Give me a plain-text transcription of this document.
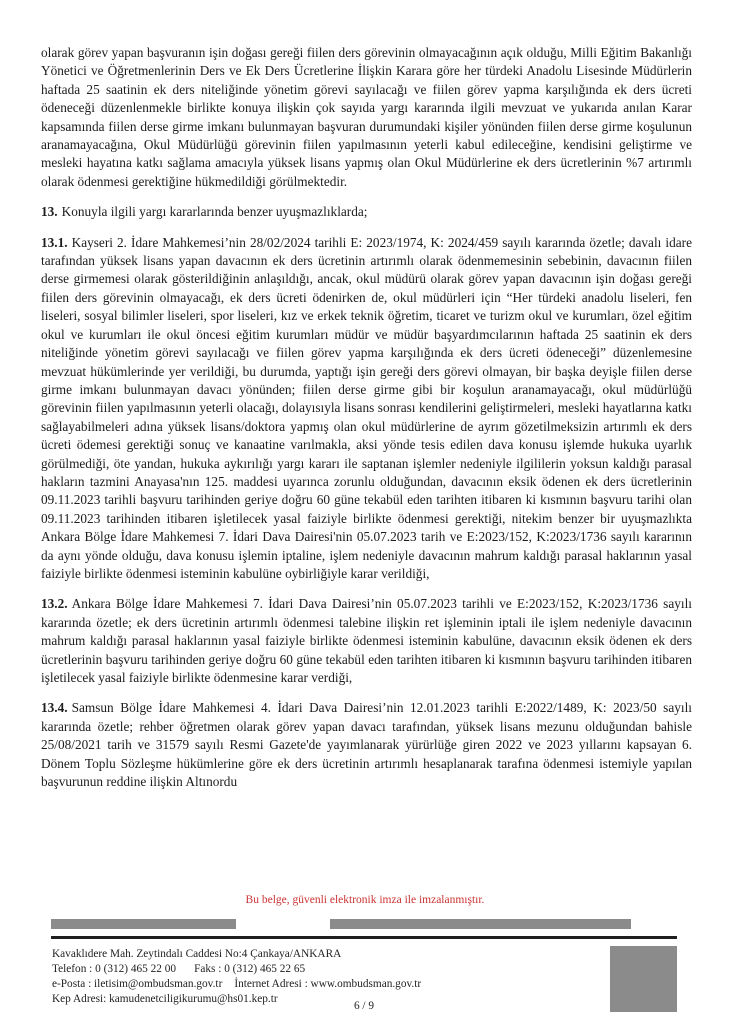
olarak görev yapan başvuranın işin doğası gereği fiilen ders görevinin olmayacağının açık olduğu, Milli Eğitim Bakanlığı Yönetici ve Öğretmenlerinin Ders ve Ek Ders Ücretlerine İlişkin Karara göre her türdeki Anadolu Lisesinde Müdürlerin haftada 25 saatinin ek ders niteliğinde yönetim görevi sayılacağı ve fiilen görev yapma karşılığında ek ders ücreti ödeneceği düzenlenmekle birlikte konuya ilişkin çok sayıda yargı kararında ilgili mevzuat ve yukarıda anılan Karar kapsamında fiilen derse girme imkanı bulunmayan başvuran durumundaki kişiler yönünden fiilen derse girme koşulunun aranamayacağına, Okul Müdürlüğü görevinin fiilen yapılmasının yeterli kabul edileceğine, kendisini geliştirme ve mesleki hayatına katkı sağlama amacıyla yüksek lisans yapmış olan Okul Müdürlerine ek ders ücretlerinin %7 artırımlı olarak ödenmesi gerektiğine hükmedildiği görülmektedir.

13. Konuyla ilgili yargı kararlarında benzer uyuşmazlıklarda;

13.1. Kayseri 2. İdare Mahkemesi’nin 28/02/2024 tarihli E: 2023/1974, K: 2024/459 sayılı kararında özetle; davalı idare tarafından yüksek lisans yapan davacının ek ders ücretinin artırımlı olarak ödenmemesinin sebebinin, davacının fiilen derse girmemesi olarak gösterildiğinin anlaşıldığı, ancak, okul müdürü olarak görev yapan davacının işin doğası gereği fiilen ders görevinin olmayacağı, ek ders ücreti ödenirken de, okul müdürleri için “Her türdeki anadolu liseleri, fen liseleri, sosyal bilimler liseleri, spor liseleri, kız ve erkek teknik öğretim, ticaret ve turizm okul ve kurumları, özel eğitim okul ve kurumları ile okul öncesi eğitim kurumları müdür ve müdür başyardımcılarının haftada 25 saatinin ek ders niteliğinde yönetim görevi sayılacağı ve fiilen görev yapma karşılığında ek ders ücreti ödeneceği” düzenlemesine mevzuat hükümlerinde yer verildiği, bu durumda, yaptığı işin gereği ders görevi olmayan, bir başka deyişle fiilen derse girme imkanı bulunmayan davacı yönünden; fiilen derse girme gibi bir koşulun aranamayacağı, okul müdürlüğü görevinin fiilen yapılmasının yeterli olacağı, dolayısıyla lisans sonrası kendilerini geliştirmeleri, mesleki hayatlarına katkı sağlayabilmeleri adına yüksek lisans/doktora yapmış olan okul müdürlerine de ayrım gözetilmeksizin artırımlı ek ders ücreti ödemesi gerektiği sonuç ve kanaatine varılmakla, aksi yönde tesis edilen dava konusu işlemde hukuka uyarlık görülmediği, öte yandan, hukuka aykırılığı yargı kararı ile saptanan işlemler nedeniyle ilgililerin yoksun kaldığı parasal hakların tazmini Anayasa'nın 125. maddesi uyarınca zorunlu olduğundan, davacının eksik ödenen ek ders ücretlerinin 09.11.2023 tarihli başvuru tarihinden geriye doğru 60 güne tekabül eden tarihten itibaren ki kısmının başvuru tarihi olan 09.11.2023 tarihinden itibaren işletilecek yasal faiziyle birlikte ödenmesi gerektiği, nitekim benzer bir uyuşmazlıkta Ankara Bölge İdare Mahkemesi 7. İdari Dava Dairesi'nin 05.07.2023 tarih ve E:2023/152, K:2023/1736 sayılı kararının da aynı yönde olduğu, dava konusu işlemin iptaline, işlem nedeniyle davacının mahrum kaldığı parasal haklarının yasal faiziyle birlikte ödenmesi isteminin kabulüne oybirliğiyle karar verildiği,

13.2. Ankara Bölge İdare Mahkemesi 7. İdari Dava Dairesi’nin 05.07.2023 tarihli ve E:2023/152, K:2023/1736 sayılı kararında özetle; ek ders ücretinin artırımlı ödenmesi talebine ilişkin ret işleminin iptali ile işlem nedeniyle davacının mahrum kaldığı parasal haklarının yasal faiziyle birlikte ödenmesi isteminin kabulüne, davacının eksik ödenen ek ders ücretlerinin başvuru tarihinden geriye doğru 60 güne tekabül eden tarihten itibaren ki kısmının başvuru tarihinden itibaren işletilecek yasal faiziyle birlikte ödenmesine karar verdiği,

13.4. Samsun Bölge İdare Mahkemesi 4. İdari Dava Dairesi’nin 12.01.2023 tarihli E:2022/1489, K: 2023/50 sayılı kararında özetle; rehber öğretmen olarak görev yapan davacı tarafından, yüksek lisans mezunu olduğundan bahisle 25/08/2021 tarih ve 31579 sayılı Resmi Gazete'de yayımlanarak yürürlüğe giren 2022 ve 2023 yıllarını kapsayan 6. Dönem Toplu Sözleşme hükümlerine göre ek ders ücretinin artırımlı hesaplanarak tarafına ödenmesi istemiyle yapılan başvurunun reddine ilişkin Altınordu

Bu belge, güvenli elektronik imza ile imzalanmıştır.
Kavaklıdere Mah. Zeytindalı Caddesi No:4 Çankaya/ANKARA
Telefon : 0 (312) 465 22 00 Faks : 0 (312) 465 22 65
e-Posta : iletisim@ombudsman.gov.tr İnternet Adresi : www.ombudsman.gov.tr
Kep Adresi: kamudenetciligikurumu@hs01.kep.tr
6 / 9
